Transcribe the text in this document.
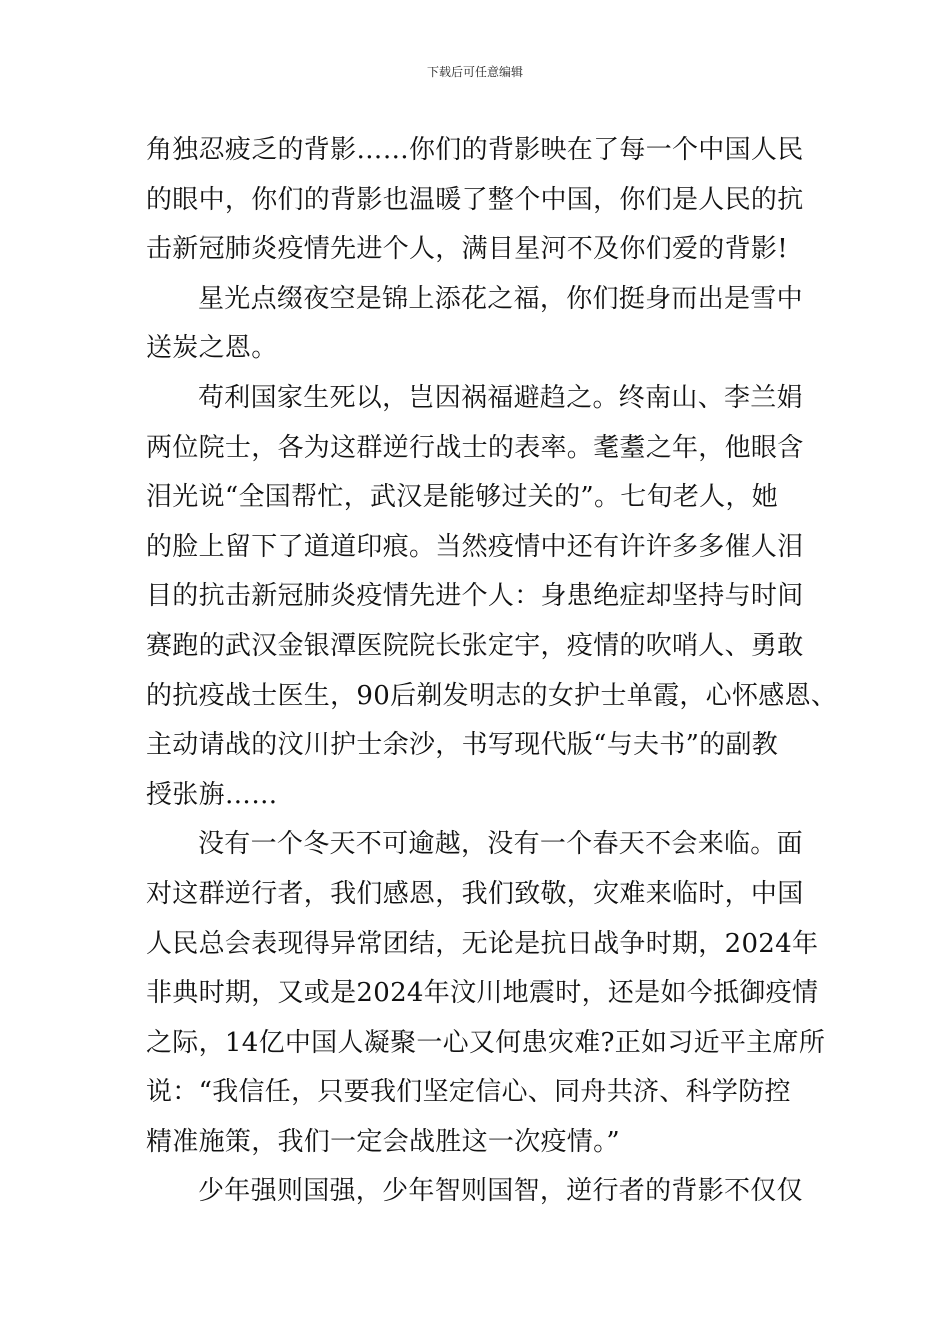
下载后可任意编辑
角独忍疲乏的背影……你们的背影映在了每一个中国人民
的眼中，你们的背影也温暖了整个中国，你们是人民的抗
击新冠肺炎疫情先进个人，满目星河不及你们爱的背影!
星光点缀夜空是锦上添花之福，你们挺身而出是雪中
送炭之恩。
苟利国家生死以，岂因祸福避趋之。终南山、李兰娟
两位院士，各为这群逆行战士的表率。耄耋之年，他眼含
泪光说“全国帮忙，武汉是能够过关的”。七旬老人，她
的脸上留下了道道印痕。当然疫情中还有许许多多催人泪
目的抗击新冠肺炎疫情先进个人：身患绝症却坚持与时间
赛跑的武汉金银潭医院院长张定宇，疫情的吹哨人、勇敢
的抗疫战士医生，90后剃发明志的女护士单霞，心怀感恩、
主动请战的汶川护士余沙，书写现代版“与夫书”的副教
授张旃……
没有一个冬天不可逾越，没有一个春天不会来临。面
对这群逆行者，我们感恩，我们致敬，灾难来临时，中国
人民总会表现得异常团结，无论是抗日战争时期，2024年
非典时期，又或是2024年汶川地震时，还是如今抵御疫情
之际，14亿中国人凝聚一心又何患灾难?正如习近平主席所
说：“我信任，只要我们坚定信心、同舟共济、科学防控
精准施策，我们一定会战胜这一次疫情。”
少年强则国强，少年智则国智，逆行者的背影不仅仅
